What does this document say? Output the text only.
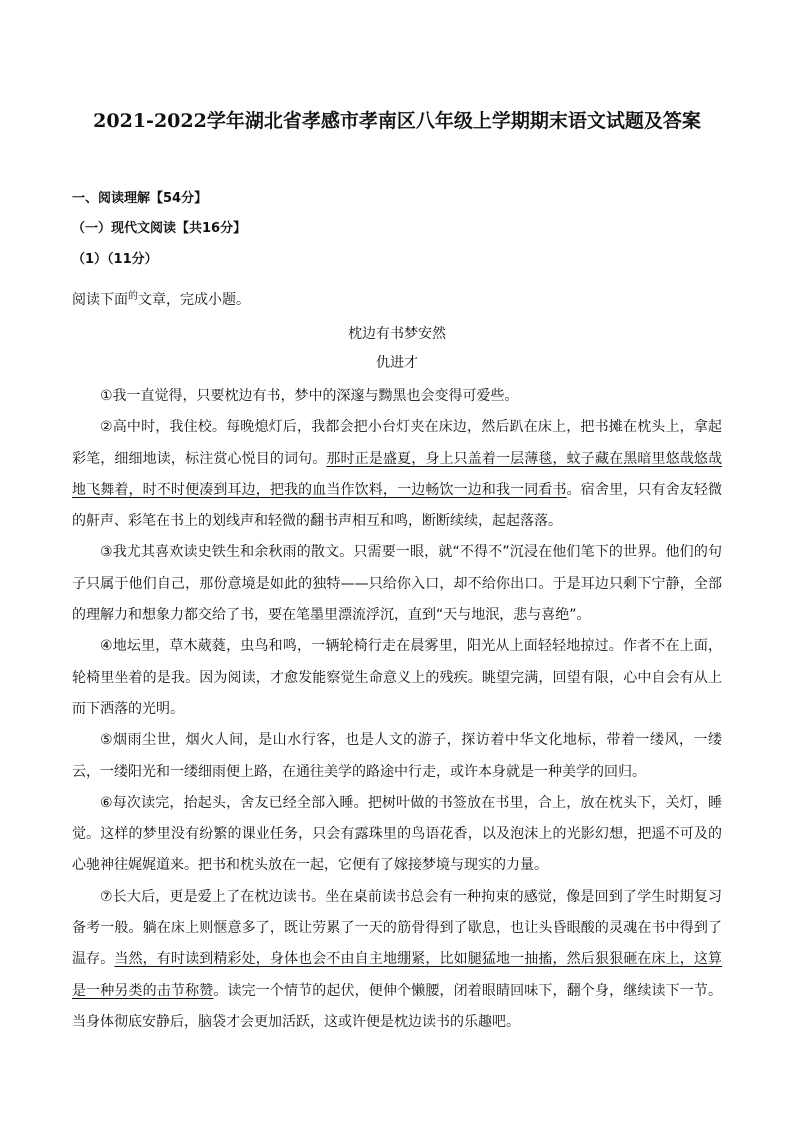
2021-2022学年湖北省孝感市孝南区八年级上学期期末语文试题及答案
一、阅读理解【54分】
（一）现代文阅读【共16分】
（1）（11分）
阅读下面$^的$文章，完成小题。
枕边有书梦安然
仇进才

①我一直觉得，只要枕边有书，梦中的深邃与黝黑也会变得可爱些。

②高中时，我住校。每晚熄灯后，我都会把小台灯夹在床边，然后趴在床上，把书摊在枕头上，拿起彩笔，细细地读，标注赏心悦目的词句。那时正是盛夏，身上只盖着一层薄毯，蚊子藏在黑暗里悠哉悠哉地飞舞着，时不时便凑到耳边，把我的血当作饮料，一边畅饮一边和我一同看书。宿舍里，只有舍友轻微的鼾声、彩笔在书上的划线声和轻微的翻书声相互和鸣，断断续续，起起落落。

③我尤其喜欢读史铁生和余秋雨的散文。只需要一眼，就“不得不”沉浸在他们笔下的世界。他们的句子只属于他们自己，那份意境是如此的独特——只给你入口，却不给你出口。于是耳边只剩下宁静，全部的理解力和想象力都交给了书，要在笔墨里漂流浮沉，直到“天与地泯，悲与喜绝”。

④地坛里，草木葳蕤，虫鸟和鸣，一辆轮椅行走在晨雾里，阳光从上面轻轻地掠过。作者不在上面，轮椅里坐着的是我。因为阅读，才愈发能察觉生命意义上的残疾。眺望完满，回望有限，心中自会有从上而下洒落的光明。

⑤烟雨尘世，烟火人间，是山水行客，也是人文的游子，探访着中华文化地标，带着一缕风，一缕云，一缕阳光和一缕细雨便上路，在通往美学的路途中行走，或许本身就是一种美学的回归。

⑥每次读完，抬起头，舍友已经全部入睡。把树叶做的书签放在书里，合上，放在枕头下，关灯，睡觉。这样的梦里没有纷繁的课业任务，只会有露珠里的鸟语花香，以及泡沫上的光影幻想，把遥不可及的心驰神往娓娓道来。把书和枕头放在一起，它便有了嫁接梦境与现实的力量。

⑦长大后，更是爱上了在枕边读书。坐在桌前读书总会有一种拘束的感觉，像是回到了学生时期复习备考一般。躺在床上则惬意多了，既让劳累了一天的筋骨得到了歇息，也让头昏眼酸的灵魂在书中得到了温存。当然，有时读到精彩处，身体也会不由自主地绷紧，比如腿猛地一抽搐，然后狠狠砸在床上，这算是一种另类的击节称赞。读完一个情节的起伏，便伸个懒腰，闭着眼睛回味下，翻个身，继续读下一节。当身体彻底安静后，脑袋才会更加活跃，这或许便是枕边读书的乐趣吧。
